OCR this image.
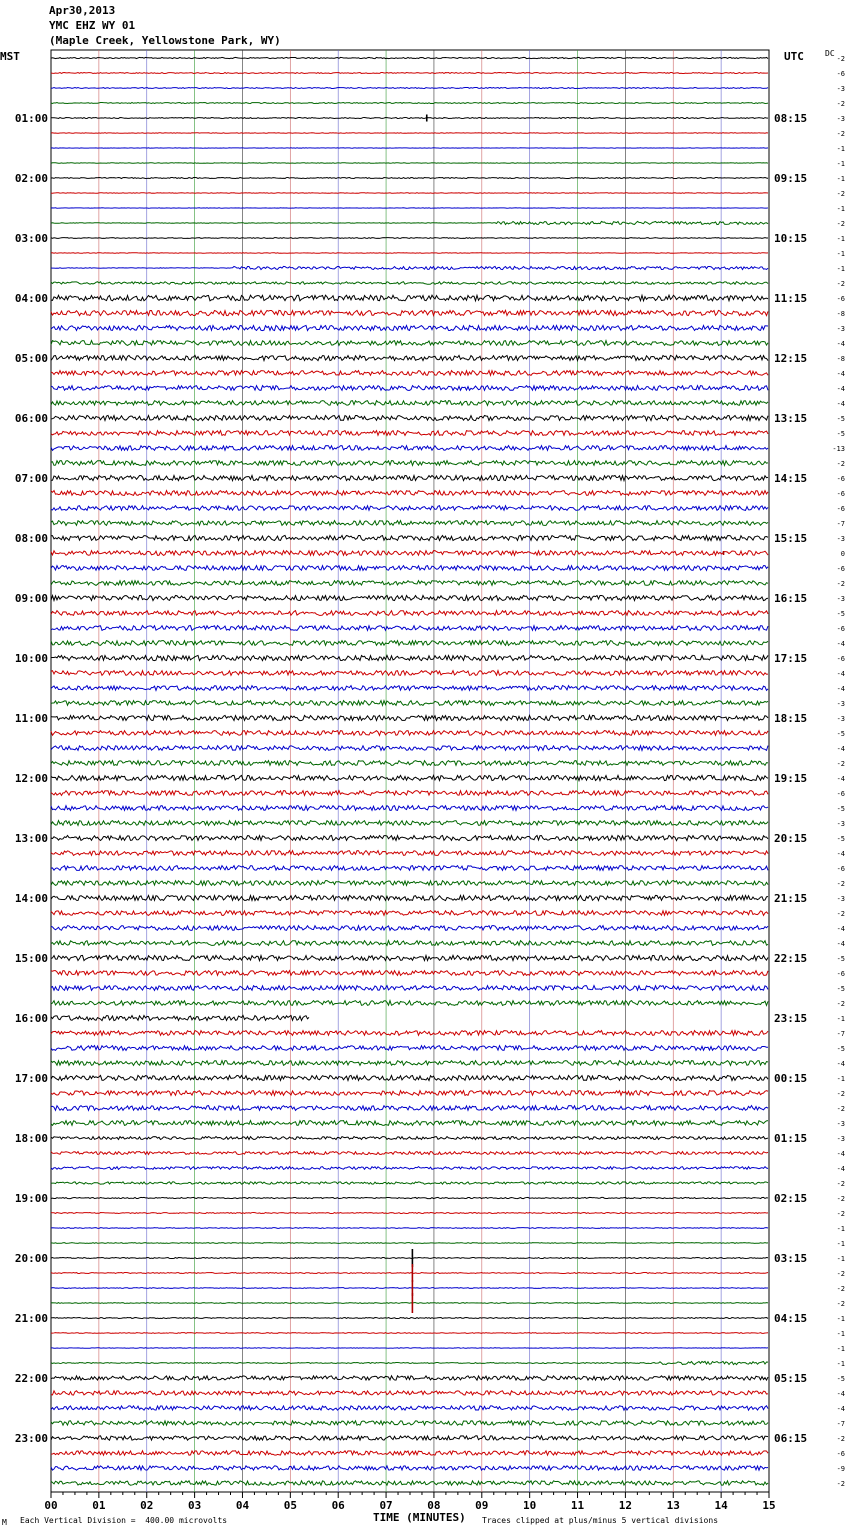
-2
-6
-3
-2
-3
-2
-1
-1
-1
-2
-1
-2
-1
-1
-1
-2
-6
-8
-3
-4
-8
-4
-4
-4
-5
-5
-13
-2
-6
-6
-6
-7
-3
0
-6
-2
-3
-5
-6
-4
-6
-4
-4
-3
-3
-5
-4
-2
-4
-6
-5
-3
-5
-4
-6
-2
-3
-2
-4
-4
-5
-6
-5
-2
-1
-7
-5
-4
-1
-2
-2
-3
-3
-4
-4
-2
-2
-2
-1
-1
-1
-2
-2
-2
-1
-1
-1
-1
-5
-4
-4
-7
-2
-6
-9
-2
01:00
02:00
03:00
04:00
05:00
06:00
07:00
08:00
09:00
10:00
11:00
12:00
13:00
14:00
15:00
16:00
17:00
18:00
19:00
20:00
21:00
22:00
23:00
08:15
09:15
10:15
11:15
12:15
13:15
14:15
15:15
16:15
17:15
18:15
19:15
20:15
21:15
22:15
23:15
00:15
01:15
02:15
03:15
04:15
05:15
06:15
00	01	02	03	04	05	06	07	08	09	10	11	12	13	14	15
Apr30,2013
YMC EHZ WY 01
(Maple Creek, Yellowstone Park, WY)
MST	UTC	DC
M Each Vertical Division =  400.00 microvolts	TIME (MINUTES) Traces clipped at plus/minus 5 vertical divisions
